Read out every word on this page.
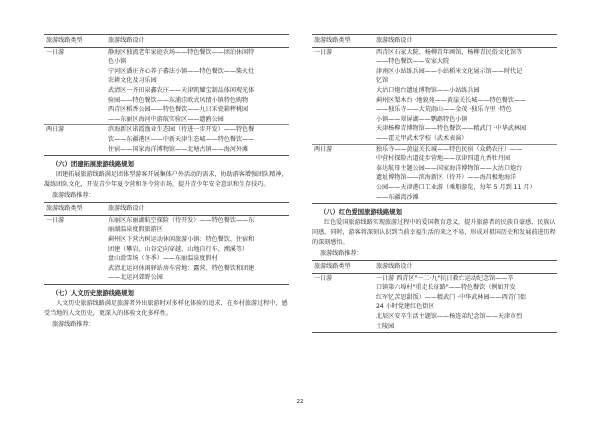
旅游线路类型	旅游线路设计
一日游	静海区独流老年家庭农场——特色餐饮——团泊休闲特
色小镇

	宁河区潘庄齐心养子蕃法小镇——特色餐饮——柴火灶
农耕文化及习乐园

	武清区一齐田泉鑫农庄——天津凯耀宝制品体闲观光体
验园——特色餐饮——东浦洼欧式风情小镇特色购物

	西青区稻香公园——特色餐饮——九日禾瓷箱秤桃园
——东丽区海河中游航实验区——遗鸥公园

两日游	滨海新区诺霞渔业生态园（待进一步开发）——特色餐
饮——东疆港区——中新天津生态城——特色餐饮——
住宿——国家海洋博物馆——北塘古镇——海河外滩
（六）团建拓展旅游线路规划

团建拓展旅游线路满足团体型游客开展集体户外活动的需求，协助游客增强团队精神，凝练团队文化，开发青少年夏令营和冬令营市场，提升青少年安全意识和生存技巧。

旅游线路推荐：
旅游线路类型	旅游线路设计
一日游	东丽区东丽湖航空探险（待开发）——特色餐饮——东
丽湖温泉度假旅游区

	蓟州区下营古树运动休闲旅游小镇：特色餐饮、住宿和
团建（攀岩、山谷定向穿越、山地自行车、溯溪等）

	盘山滑雪场（冬季）——东丽温泉度假村

	武清北运河休闲驿站房车营地：露营、特色餐饮和团建
——北运河郊野公园
（七）人文历史旅游线路规划

人文历史旅游线路满足旅游者外出旅游时对多样化体验的追求，在乡村旅游过程中，感受当地的人文历史，更深入的体验文化多样性。

旅游线路推荐：
旅游线路类型	旅游线路设计
一日游	西青区石家大院、杨柳青年画馆、杨柳青民俗文化馆等
——特色餐饮——安家大院

	津南区小站练兵园——小站稻米文化展示馆——时代记
忆馆

	大沽口炮台遗址博物馆——小站练兵园

	蓟州区梨木台 ·地貌苑——黄崖关长城——特色餐饮——
——独乐寺——大荒雨山——金茂 ·独乐寺里 ·特色
小镇——翠屏湖——鹦鹉特色小镇

	天津杨柳青博物馆——特色餐饮——精武门 ·中华武林园
——霍元甲武术学校（武术表演）

两日游	独乐寺——黄崖关长城——特色民宿（众鹤农庄）——
中营村探险古道徒步营地——京津四道九香牡丹园

	泰达航母主题公园——国家海洋博物馆——大沽口炮台
遗址博物馆——滨海新区（待开）——海昌极地海洋
公园——天津港口工业游（乘船游览，每年 5 月到 11 月）
——东疆湾沙滩
（八）红色爱国旅游线路规划

红色爱国旅游线路实现旅游过程中的爱国教育意义，提升旅游者的民族自豪感、民族认同感，同时，游客将深刻认识到当前幸福生活的来之不易，形成对祖国历史和发展前进历程的深刻感悟。

旅游线路推荐：
旅游线路类型	旅游线路设计
一日游	一日游 西青区"一二·九"抗日救亡运动纪念馆——辛
口镇第六埠村"重走长征路"——特色餐饮（例如开发
红军忆苦思甜饭）——精武门 ·中华武林园——西青门街
24 小时党建红色街区

	北辰区安辛生活主题馆——杨连弟纪念馆——天津市烈
士陵园
22
